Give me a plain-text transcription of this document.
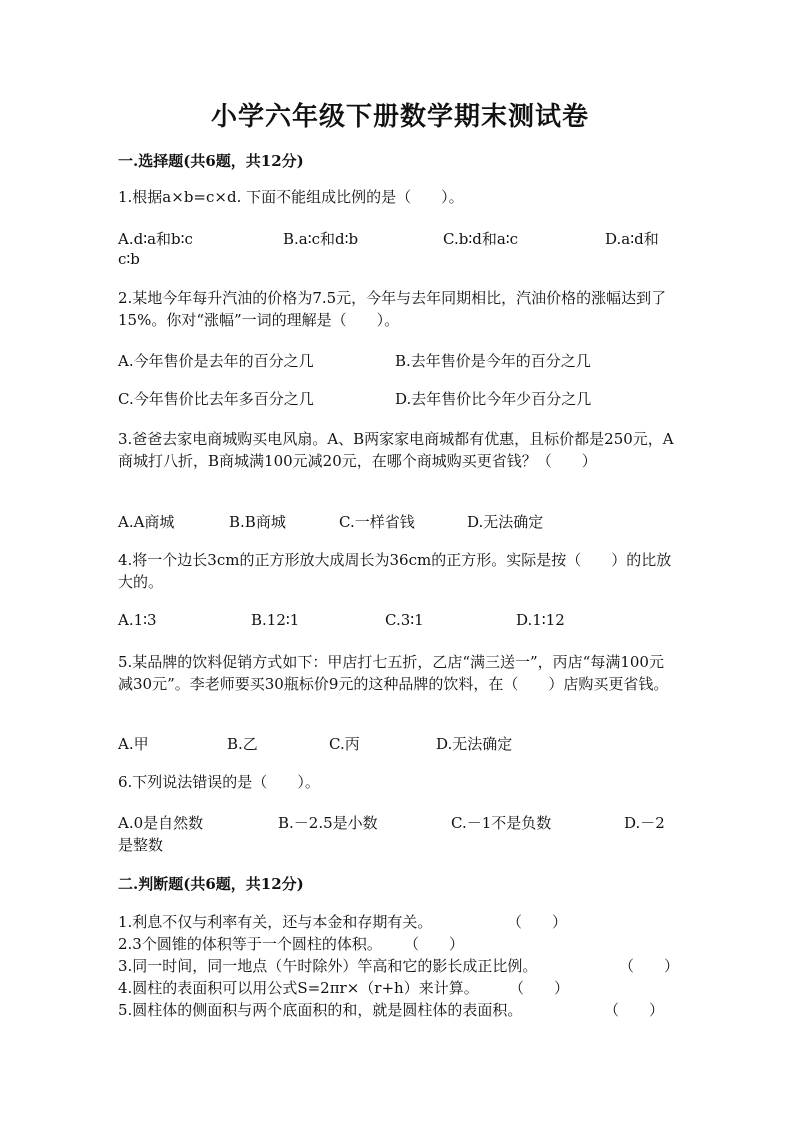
小学六年级下册数学期末测试卷

一.选择题(共6题，共12分)

1.根据a×b=c×d. 下面不能组成比例的是（　　）。

A.d∶a和b∶c	B.a∶c和d∶b	C.b∶d和a∶c	D.a∶d和
c∶b

2.某地今年每升汽油的价格为7.5元，今年与去年同期相比，汽油价格的涨幅达到了15%。你对“涨幅”一词的理解是（　　）。

A.今年售价是去年的百分之几	B.去年售价是今年的百分之几
C.今年售价比去年多百分之几	D.去年售价比今年少百分之几

3.爸爸去家电商城购买电风扇。A、B两家家电商城都有优惠，且标价都是250元，A商城打八折，B商城满100元减20元，在哪个商城购买更省钱？（　　）

A.A商城	B.B商城	C.一样省钱	D.无法确定

4.将一个边长3cm的正方形放大成周长为36cm的正方形。实际是按（　　）的比放大的。

A.1∶3	B.12∶1	C.3∶1	D.1∶12

5.某品牌的饮料促销方式如下：甲店打七五折，乙店“满三送一”，丙店“每满100元减30元”。李老师要买30瓶标价9元的这种品牌的饮料，在（　　）店购买更省钱。

A.甲	B.乙	C.丙	D.无法确定

6.下列说法错误的是（　　）。

A.0是自然数	B.－2.5是小数	C.－1不是负数	D.－2
是整数

二.判断题(共6题，共12分)

1.利息不仅与利率有关，还与本金和存期有关。	（　　）

2.3个圆锥的体积等于一个圆柱的体积。 （　　）

3.同一时间，同一地点（午时除外）竿高和它的影长成正比例。	（　　）

4.圆柱的表面积可以用公式S=2πr×（r+h）来计算。 （　　）

5.圆柱体的侧面积与两个底面积的和，就是圆柱体的表面积。	（　　）
